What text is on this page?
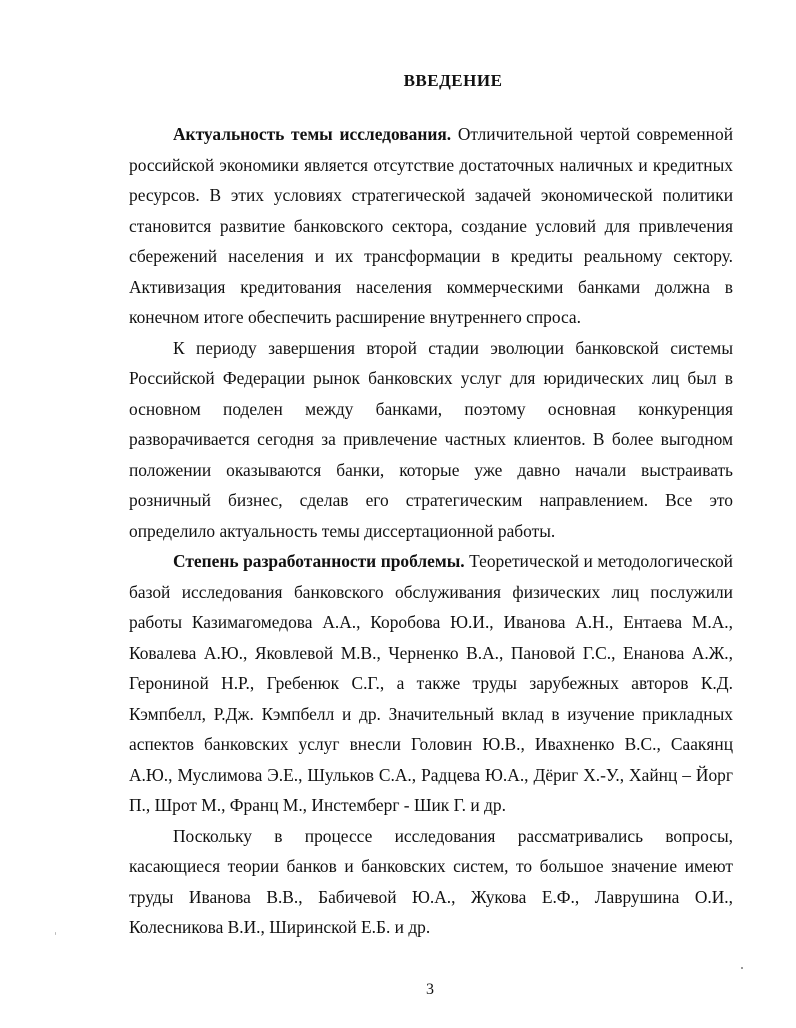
ВВЕДЕНИЕ

Актуальность темы исследования. Отличительной чертой современной российской экономики является отсутствие достаточных наличных и кредитных ресурсов. В этих условиях стратегической задачей экономической политики становится развитие банковского сектора, создание условий для привлечения сбережений населения и их трансформации в кредиты реальному сектору. Активизация кредитования населения коммерческими банками должна в конечном итоге обеспечить расширение внутреннего спроса.

К периоду завершения второй стадии эволюции банковской системы Российской Федерации рынок банковских услуг для юридических лиц был в основном поделен между банками, поэтому основная конкуренция разворачивается сегодня за привлечение частных клиентов. В более выгодном положении оказываются банки, которые уже давно начали выстраивать розничный бизнес, сделав его стратегическим направлением. Все это определило актуальность темы диссертационной работы.

Степень разработанности проблемы. Теоретической и методологической базой исследования банковского обслуживания физических лиц послужили работы Казимагомедова А.А., Коробова Ю.И., Иванова А.Н., Ентаева М.А., Ковалева А.Ю., Яковлевой М.В., Черненко В.А., Пановой Г.С., Енанова А.Ж., Герониной Н.Р., Гребенюк С.Г., а также труды зарубежных авторов К.Д. Кэмпбелл, Р.Дж. Кэмпбелл и др. Значительный вклад в изучение прикладных аспектов банковских услуг внесли Головин Ю.В., Ивахненко В.С., Саакянц А.Ю., Муслимова Э.Е., Шульков С.А., Радцева Ю.А., Дёриг Х.-У., Хайнц – Йорг П., Шрот М., Франц М., Инстемберг - Шик Г. и др.

Поскольку в процессе исследования рассматривались вопросы, касающиеся теории банков и банковских систем, то большое значение имеют труды Иванова В.В., Бабичевой Ю.А., Жукова Е.Ф., Лаврушина О.И., Колесникова В.И., Ширинской Е.Б. и др.

3
